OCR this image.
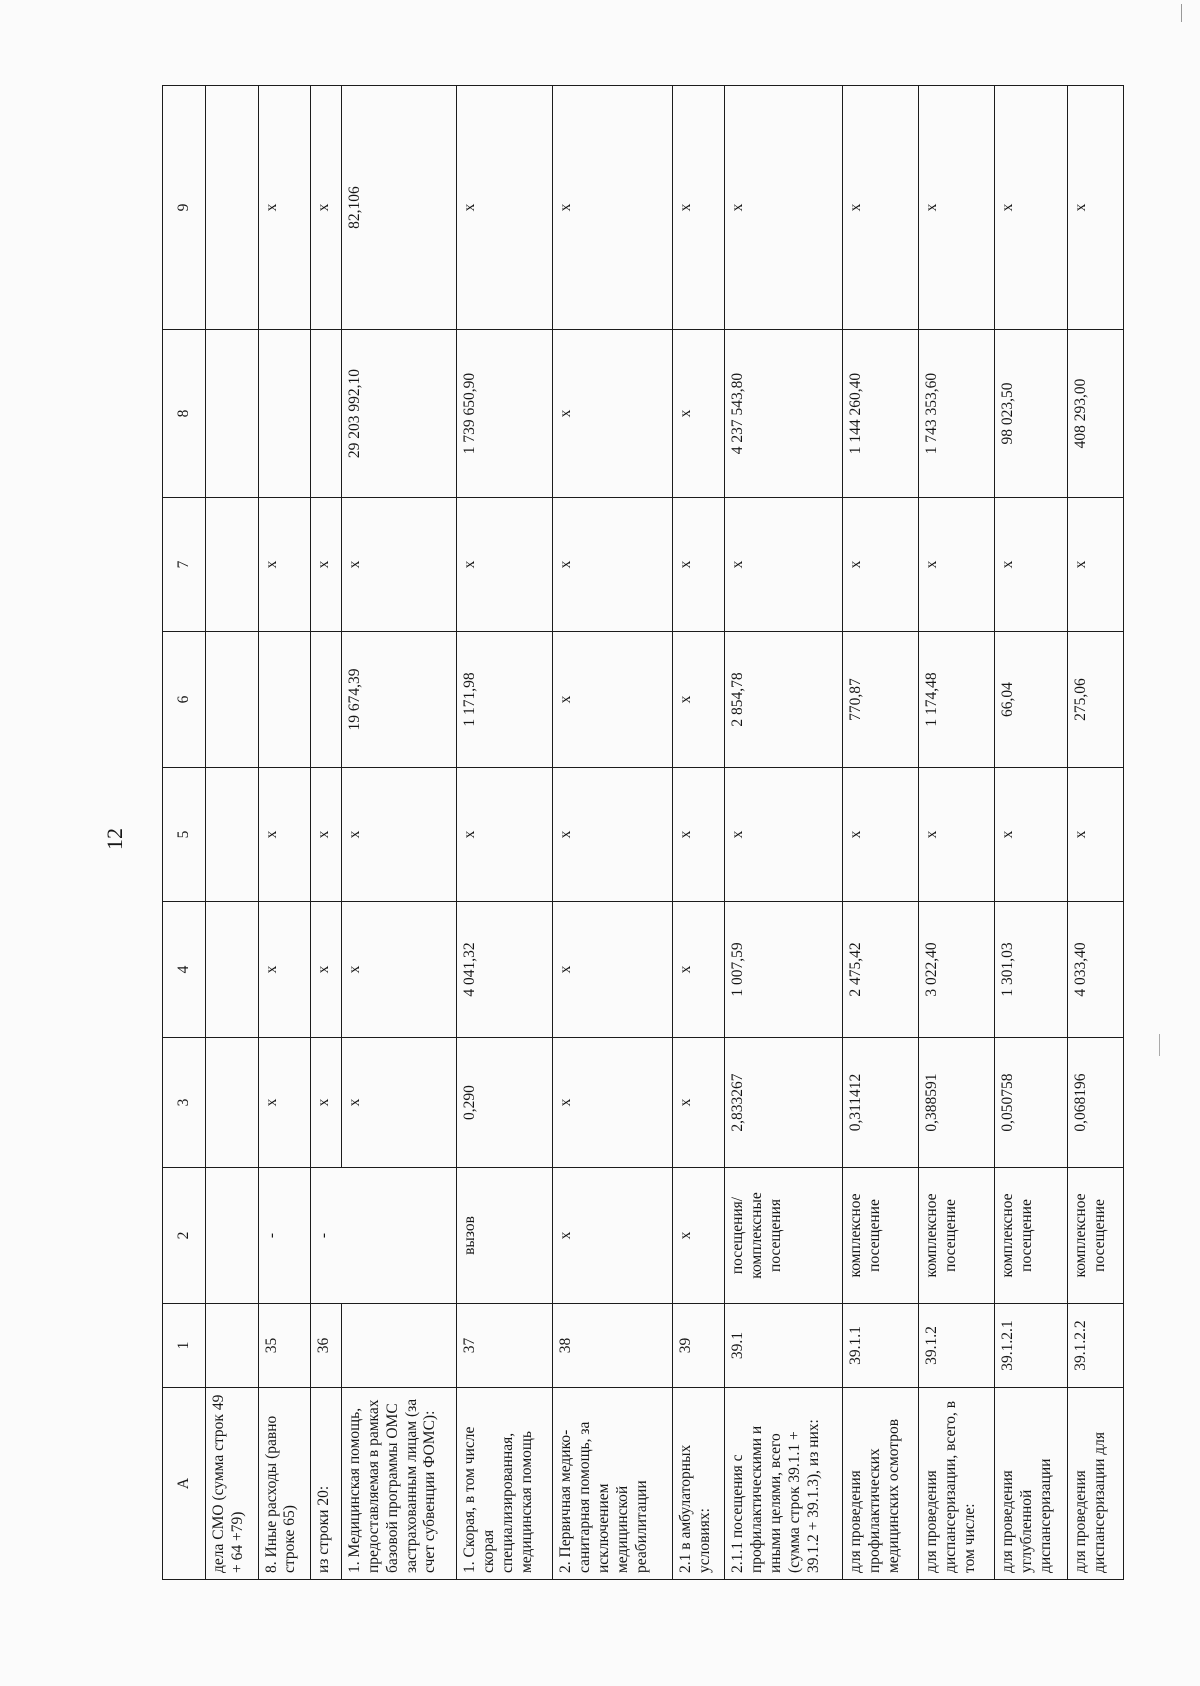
12
A	1	2	3	4	5	6	7	8	9
дела СМО (сумма строк 49 + 64 +79)									
8. Иные расходы (равно строке 65)	35	-	х	х	х		х		х
из строки 20:	36	-	х	х	х		х		х
1. Медицинская помощь, предоставляемая в рамках базовой программы ОМС застрахованным лицам (за счет субвенции ФОМС):			х	х	х	19 674,39	х	29 203 992,10	82,106
1. Скорая, в том числе скорая специализированная, медицинская помощь	37	вызов	0,290	4 041,32	х	1 171,98	х	1 739 650,90	х
2. Первичная медико-санитарная помощь, за исключением медицинской реабилитации	38	х	х	х	х	х	х	х	х
2.1 в амбулаторных условиях:	39	х	х	х	х	х	х	х	х
2.1.1 посещения с профилактическими и иными целями, всего (сумма строк 39.1.1 + 39.1.2 + 39.1.3), из них:	39.1	посещения/ комплексные посещения	2,833267	1 007,59	х	2 854,78	х	4 237 543,80	х
для проведения профилактических медицинских осмотров	39.1.1	комплексное посещение	0,311412	2 475,42	х	770,87	х	1 144 260,40	х
для проведения диспансеризации, всего, в том числе:	39.1.2	комплексное посещение	0,388591	3 022,40	х	1 174,48	х	1 743 353,60	х
для проведения углубленной диспансеризации	39.1.2.1	комплексное посещение	0,050758	1 301,03	х	66,04	х	98 023,50	х
для проведения диспансеризации для	39.1.2.2	комплексное посещение	0,068196	4 033,40	х	275,06	х	408 293,00	х
